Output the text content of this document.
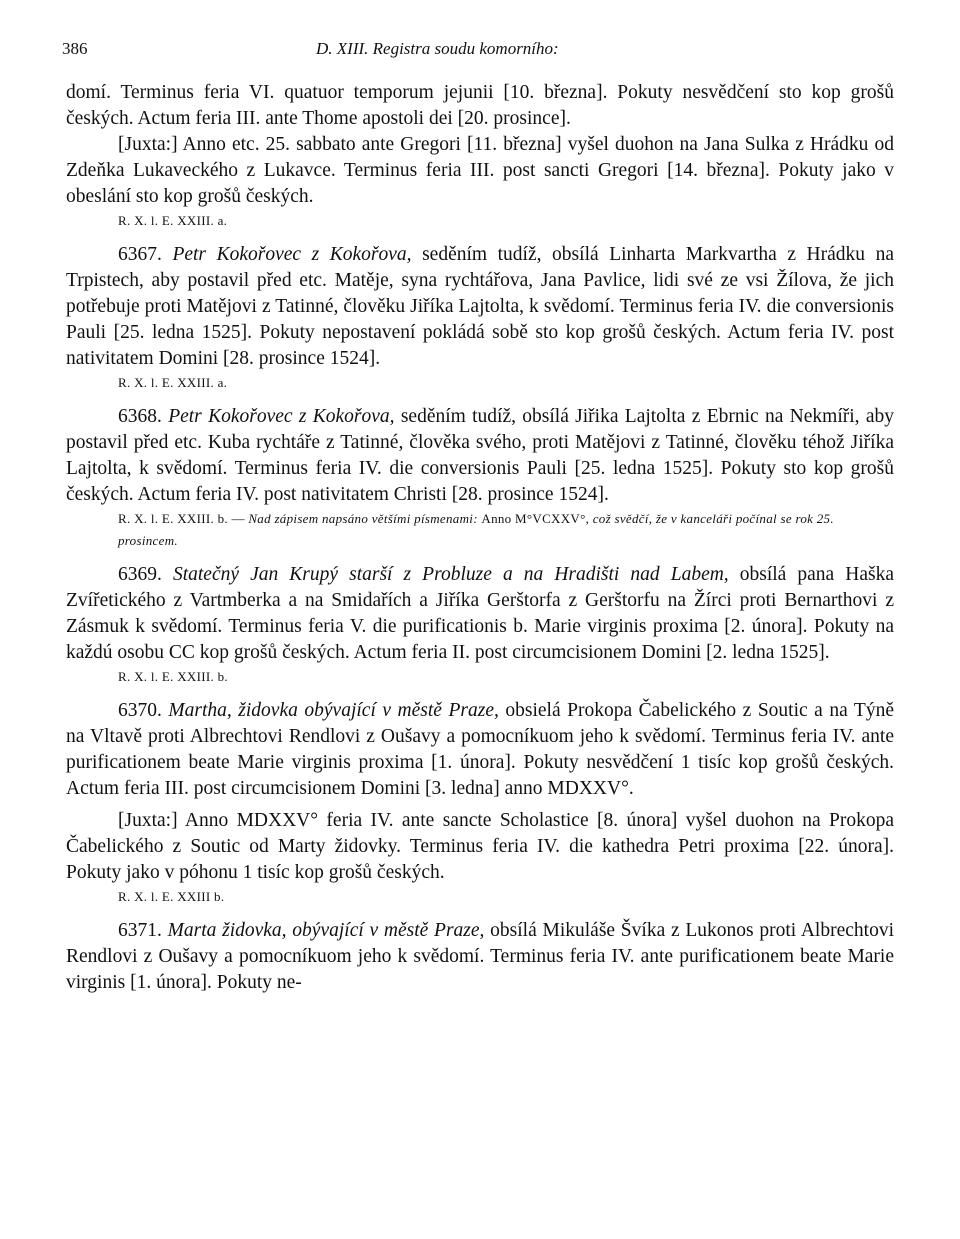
386	D. XIII. Registra soudu komorního:

domí. Terminus feria VI. quatuor temporum jejunii [10. března]. Pokuty nesvědčení sto kop grošů českých. Actum feria III. ante Thome apostoli dei [20. prosince].

[Juxta:] Anno etc. 25. sabbato ante Gregori [11. března] vyšel duohon na Jana Sulka z Hrádku od Zdeňka Lukaveckého z Lukavce. Terminus feria III. post sancti Gregori [14. března]. Pokuty jako v obeslání sto kop grošů českých.

R. X. l. E. XXIII. a.

6367. Petr Kokořovec z Kokořova, seděním tudíž, obsílá Linharta Markvartha z Hrádku na Trpistech, aby postavil před etc. Matěje, syna rychtářova, Jana Pavlice, lidi své ze vsi Žílova, že jich potřebuje proti Matějovi z Tatinné, člověku Jiříka Lajtolta, k svědomí. Terminus feria IV. die conversionis Pauli [25. ledna 1525]. Pokuty nepostavení pokládá sobě sto kop grošů českých. Actum feria IV. post nativitatem Domini [28. prosince 1524].

R. X. l. E. XXIII. a.

6368. Petr Kokořovec z Kokořova, seděním tudíž, obsílá Jiřika Lajtolta z Ebrnic na Nekmíři, aby postavil před etc. Kuba rychtáře z Tatinné, člověka svého, proti Matějovi z Tatinné, člověku téhož Jiříka Lajtolta, k svědomí. Terminus feria IV. die conversionis Pauli [25. ledna 1525]. Pokuty sto kop grošů českých. Actum feria IV. post nativitatem Christi [28. prosince 1524].

R. X. l. E. XXIII. b. — Nad zápisem napsáno většími písmenami: Anno M°VCXXV°, což svědčí, že v kanceláři počínal se rok 25. prosincem.

6369. Statečný Jan Krupý starší z Probluze a na Hradišti nad Labem, obsílá pana Haška Zvířetického z Vartmberka a na Smidařích a Jiříka Gerštorfa z Gerštorfu na Žírci proti Bernarthovi z Zásmuk k svědomí. Terminus feria V. die purificationis b. Marie virginis proxima [2. února]. Pokuty na každú osobu CC kop grošů českých. Actum feria II. post circumcisionem Domini [2. ledna 1525].

R. X. l. E. XXIII. b.

6370. Martha, židovka obývající v městě Praze, obsielá Prokopa Čabelického z Soutic a na Týně na Vltavě proti Albrechtovi Rendlovi z Oušavy a pomocníkuom jeho k svědomí. Terminus feria IV. ante purificationem beate Marie virginis proxima [1. února]. Pokuty nesvědčení 1 tisíc kop grošů českých. Actum feria III. post circumcisionem Domini [3. ledna] anno MDXXV°.

[Juxta:] Anno MDXXV° feria IV. ante sancte Scholastice [8. února] vyšel duohon na Prokopa Čabelického z Soutic od Marty židovky. Terminus feria IV. die kathedra Petri proxima [22. února]. Pokuty jako v póhonu 1 tisíc kop grošů českých.

R. X. l. E. XXIII b.

6371. Marta židovka, obývající v městě Praze, obsílá Mikuláše Švíka z Lukonos proti Albrechtovi Rendlovi z Oušavy a pomocníkuom jeho k svědomí. Terminus feria IV. ante purificationem beate Marie virginis [1. února]. Pokuty ne-
